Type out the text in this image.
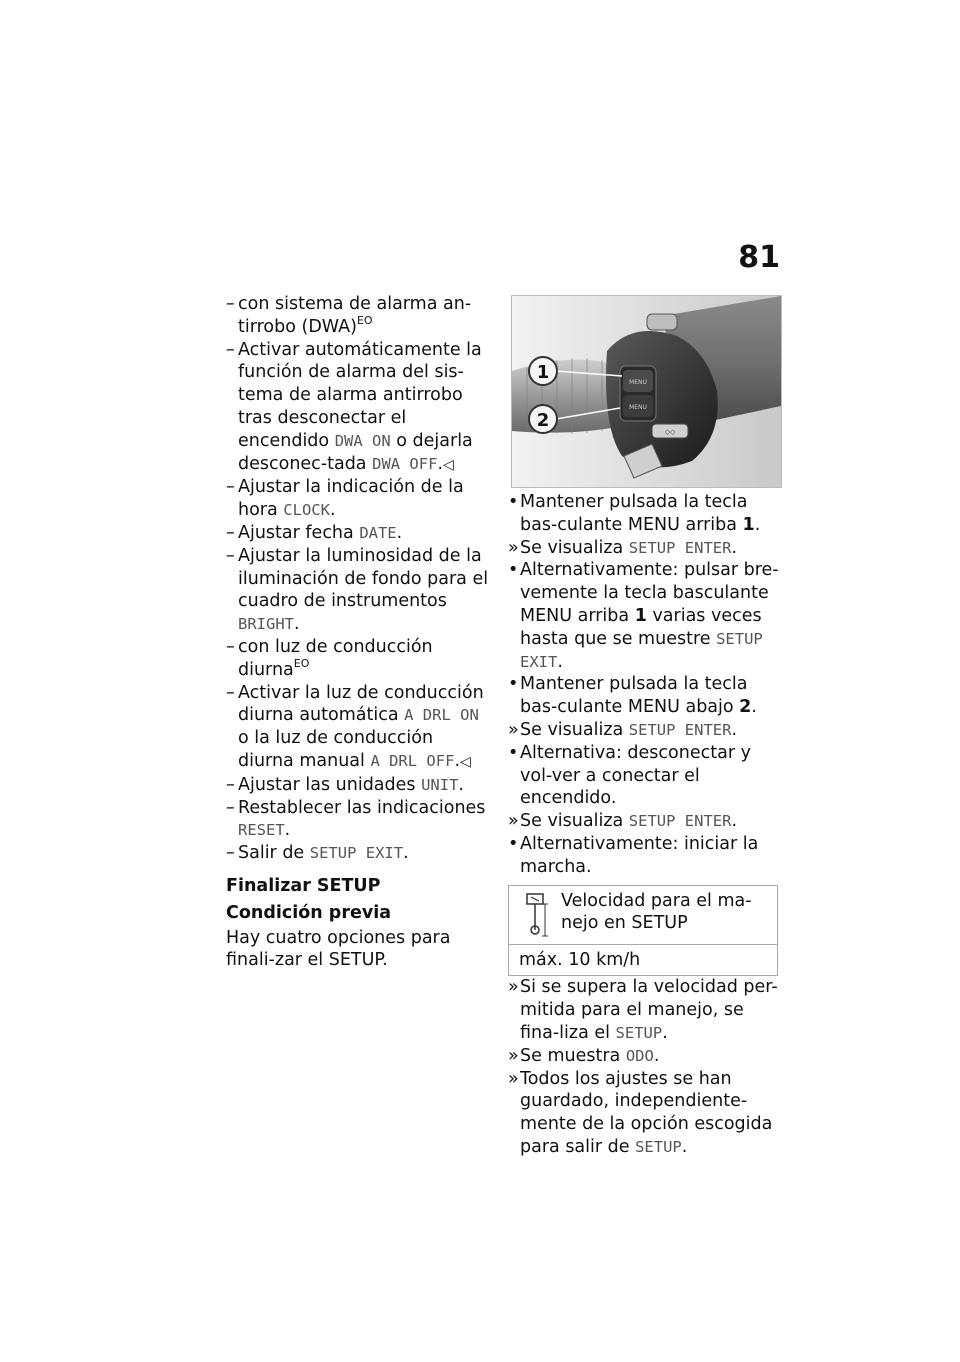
81
– con sistema de alarma an-tirrobo (DWA)$^{EO}$
– Activar automáticamente la función de alarma del sis-tema de alarma antirrobo tras desconectar el encendido DWA ON o dejarla desconec-tada DWA OFF.◁
– Ajustar la indicación de la hora CLOCK.
– Ajustar fecha DATE.
– Ajustar la luminosidad de la iluminación de fondo para el cuadro de instrumentos
BRIGHT.
– con luz de conducción diurna$^{EO}$
– Activar la luz de conducción diurna automática A DRL ON o la luz de conducción diurna manual A DRL OFF.◁
– Ajustar las unidades UNIT.
– Restablecer las indicaciones
RESET.
– Salir de SETUP EXIT.
Finalizar SETUP
Condición previa
Hay cuatro opciones para finali-zar el SETUP.
MENU
MENU
◇◇
1
2
• Mantener pulsada la tecla bas-culante MENU arriba 1.
» Se visualiza SETUP ENTER.
• Alternativamente: pulsar bre-vemente la tecla basculante MENU arriba 1 varias veces hasta que se muestre SETUP EXIT.
• Mantener pulsada la tecla bas-culante MENU abajo 2.
» Se visualiza SETUP ENTER.
• Alternativa: desconectar y vol-ver a conectar el encendido.
» Se visualiza SETUP ENTER.
• Alternativamente: iniciar la marcha.
Velocidad para el ma-nejo en SETUP
máx. 10 km/h
» Si se supera la velocidad per-mitida para el manejo, se fina-liza el SETUP.
» Se muestra ODO.
» Todos los ajustes se han guardado, independiente-mente de la opción escogida para salir de SETUP.
